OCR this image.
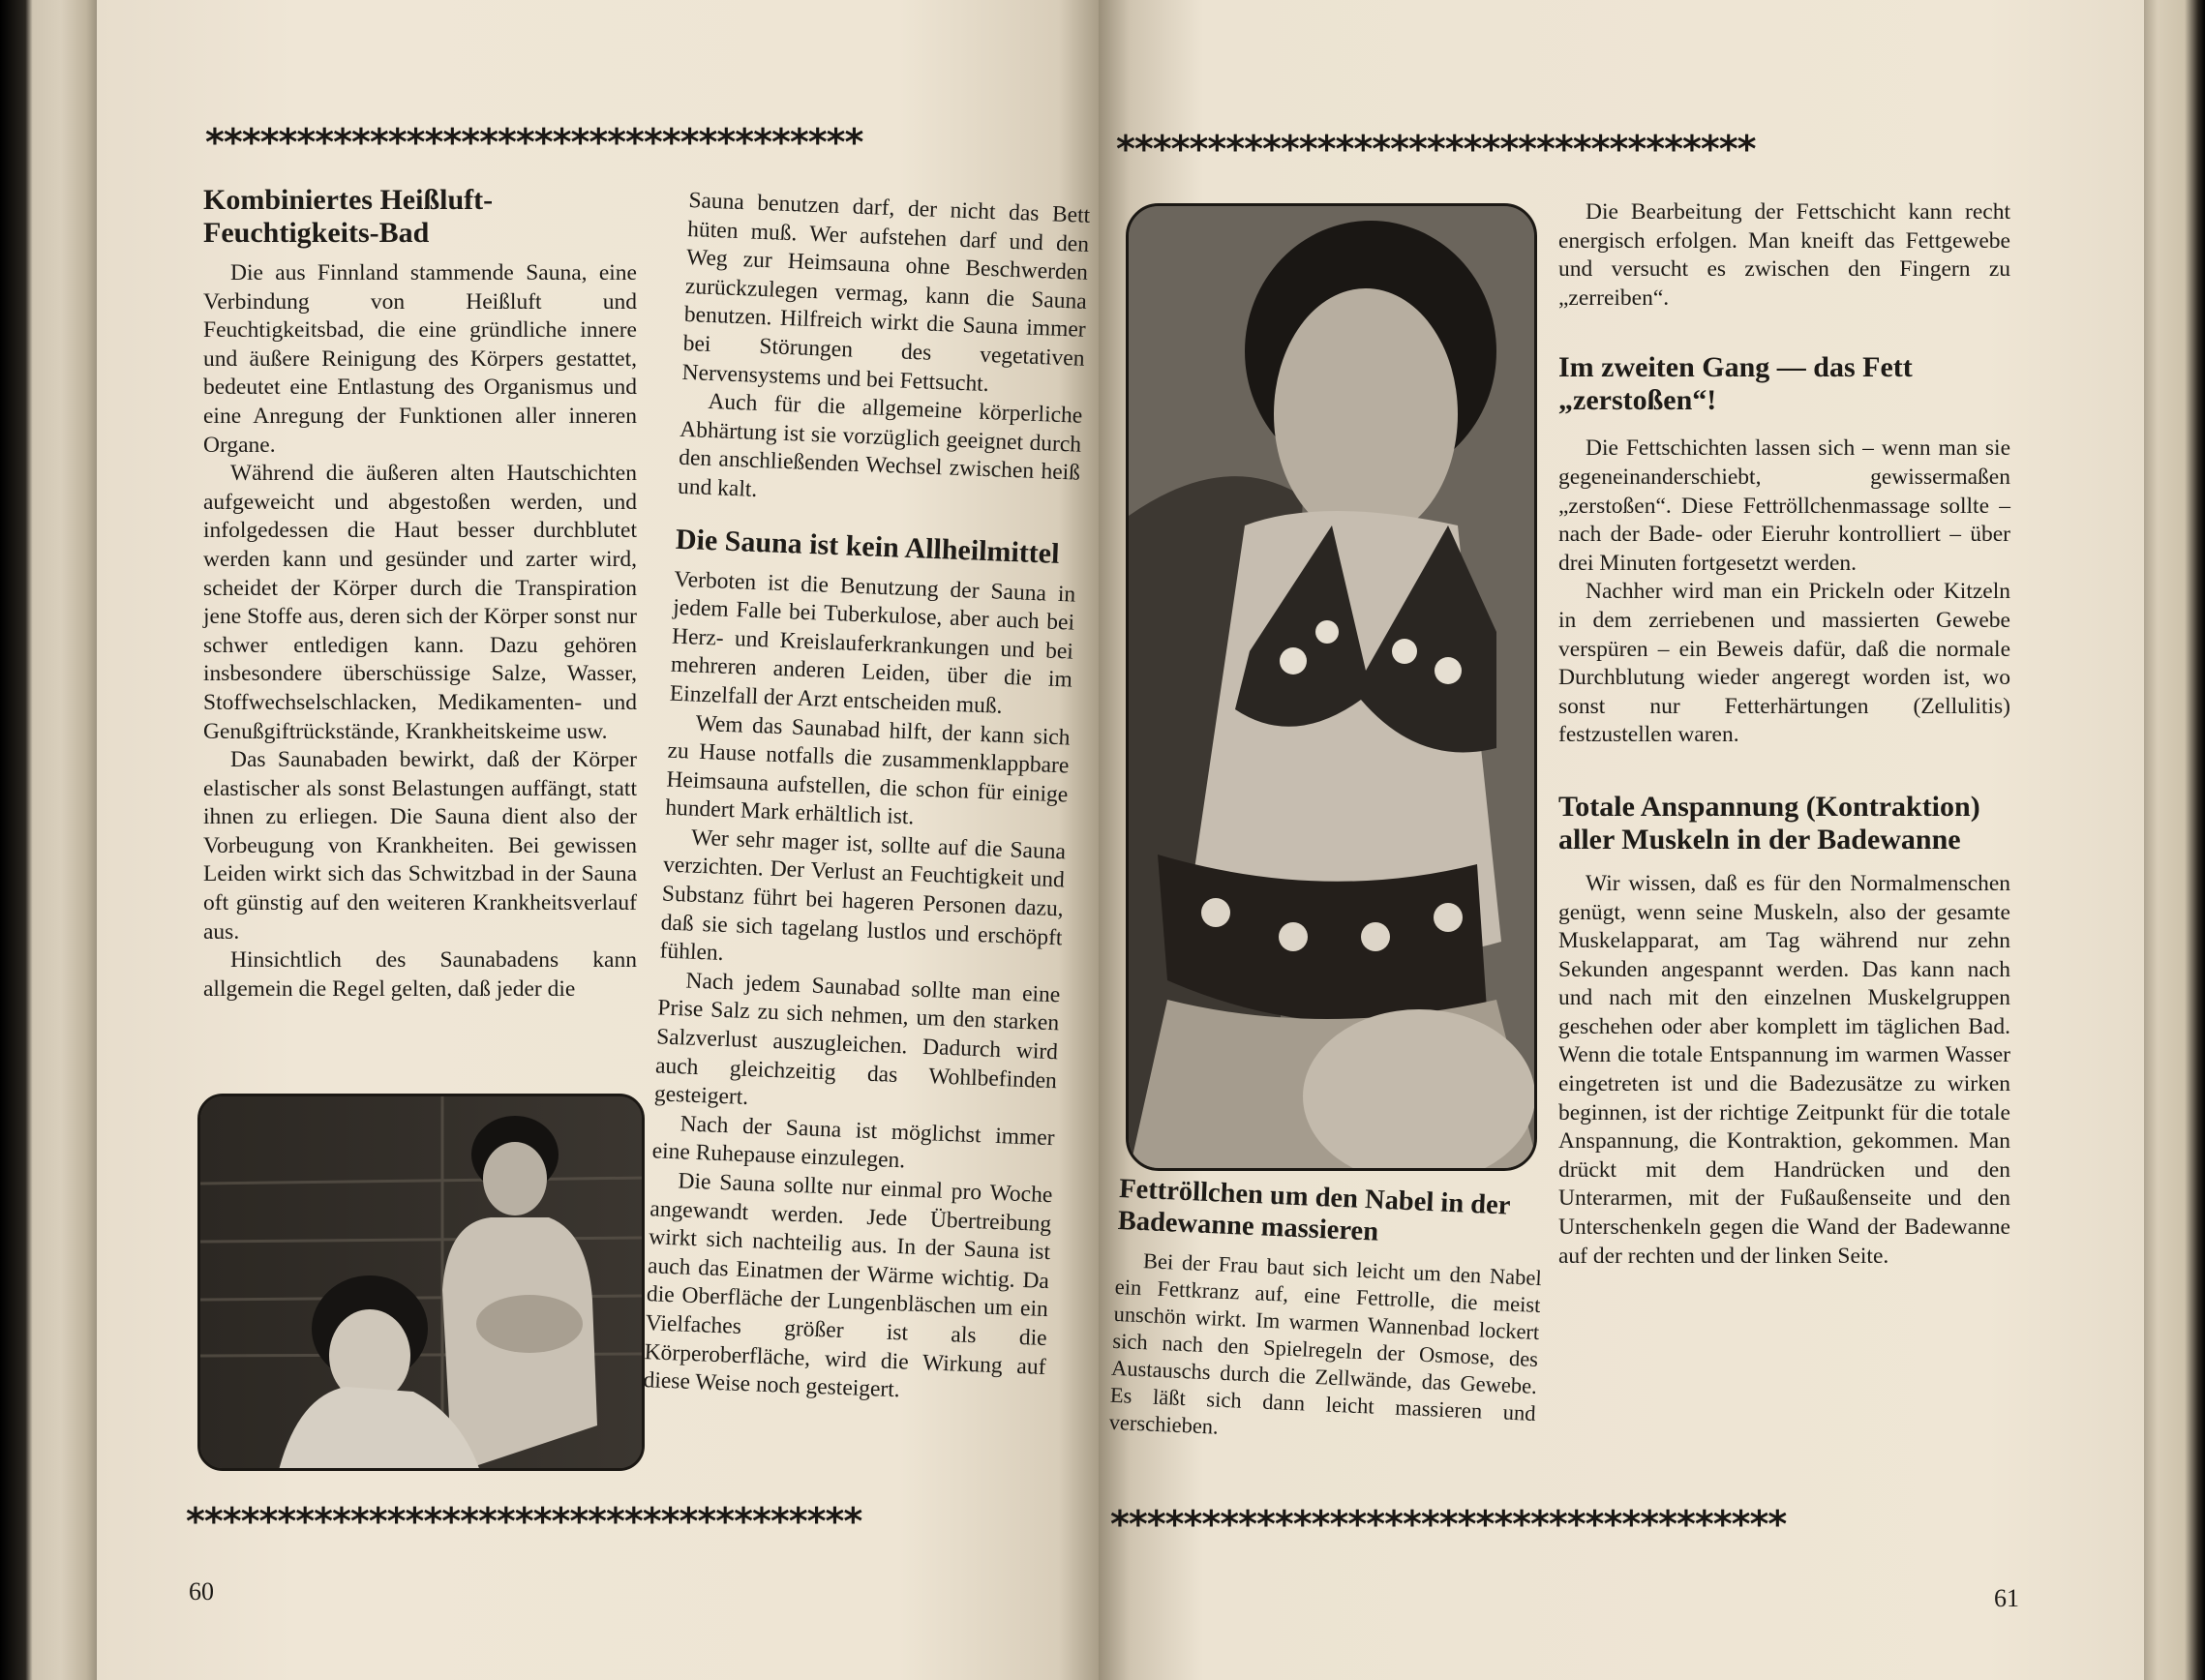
************************************
Kombiniertes Heißluft-Feuchtigkeits-Bad

Die aus Finnland stammende Sauna, eine Verbindung von Heißluft und Feuchtigkeitsbad, die eine gründliche innere und äußere Reinigung des Körpers gestattet, bedeutet eine Entlastung des Organismus und eine Anregung der Funktionen aller inneren Organe.

Während die äußeren alten Hautschichten aufgeweicht und abgestoßen werden, und infolgedessen die Haut besser durchblutet werden kann und gesünder und zarter wird, scheidet der Körper durch die Transpiration jene Stoffe aus, deren sich der Körper sonst nur schwer entledigen kann. Dazu gehören insbesondere überschüssige Salze, Wasser, Stoffwechselschlacken, Medikamenten- und Genußgiftrückstände, Krankheitskeime usw.

Das Saunabaden bewirkt, daß der Körper elastischer als sonst Belastungen auffängt, statt ihnen zu erliegen. Die Sauna dient also der Vorbeugung von Krankheiten. Bei gewissen Leiden wirkt sich das Schwitzbad in der Sauna oft günstig auf den weiteren Krankheitsverlauf aus.

Hinsichtlich des Saunabadens kann allgemein die Regel gelten, daß jeder die

Sauna benutzen darf, der nicht das Bett hüten muß. Wer aufstehen darf und den Weg zur Heimsauna ohne Beschwerden zurückzulegen vermag, kann die Sauna benutzen. Hilfreich wirkt die Sauna immer bei Störungen des vegetativen Nervensystems und bei Fettsucht.

Auch für die allgemeine körperliche Abhärtung ist sie vorzüglich geeignet durch den anschließenden Wechsel zwischen heiß und kalt.

Die Sauna ist kein Allheilmittel

Verboten ist die Benutzung der Sauna in jedem Falle bei Tuberkulose, aber auch bei Herz- und Kreislauferkrankungen und bei mehreren anderen Leiden, über die im Einzelfall der Arzt entscheiden muß.

Wem das Saunabad hilft, der kann sich zu Hause notfalls die zusammenklappbare Heimsauna aufstellen, die schon für einige hundert Mark erhältlich ist.

Wer sehr mager ist, sollte auf die Sauna verzichten. Der Verlust an Feuchtigkeit und Substanz führt bei hageren Personen dazu, daß sie sich tagelang lustlos und erschöpft fühlen.

Nach jedem Saunabad sollte man eine Prise Salz zu sich nehmen, um den starken Salzverlust auszugleichen. Dadurch wird auch gleichzeitig das Wohlbefinden gesteigert.

Nach der Sauna ist möglichst immer eine Ruhepause einzulegen.

Die Sauna sollte nur einmal pro Woche angewandt werden. Jede Übertreibung wirkt sich nachteilig aus. In der Sauna ist auch das Einatmen der Wärme wichtig. Da die Oberfläche der Lungenbläschen um ein Vielfaches größer ist als die Körperoberfläche, wird die Wirkung auf diese Weise noch gesteigert.

*************************************
60
***********************************
Fettröllchen um den Nabel in der Badewanne massieren

Bei der Frau baut sich leicht um den Nabel ein Fettkranz auf, eine Fettrolle, die meist unschön wirkt. Im warmen Wannenbad lockert sich nach den Spielregeln der Osmose, des Austauschs durch die Zellwände, das Gewebe. Es läßt sich dann leicht massieren und verschieben.

Die Bearbeitung der Fettschicht kann recht energisch erfolgen. Man kneift das Fettgewebe und versucht es zwischen den Fingern zu „zerreiben“.

Im zweiten Gang — das Fett „zerstoßen“!

Die Fettschichten lassen sich – wenn man sie gegeneinanderschiebt, gewissermaßen „zerstoßen“. Diese Fettröllchenmassage sollte – nach der Bade- oder Eieruhr kontrolliert – über drei Minuten fortgesetzt werden.

Nachher wird man ein Prickeln oder Kitzeln in dem zerriebenen und massierten Gewebe verspüren – ein Beweis dafür, daß die normale Durchblutung wieder angeregt worden ist, wo sonst nur Fetterhärtungen (Zellulitis) festzustellen waren.

Totale Anspannung (Kontraktion) aller Muskeln in der Badewanne

Wir wissen, daß es für den Normalmenschen genügt, wenn seine Muskeln, also der gesamte Muskelapparat, am Tag während nur zehn Sekunden angespannt werden. Das kann nach und nach mit den einzelnen Muskelgruppen geschehen oder aber komplett im täglichen Bad. Wenn die totale Entspannung im warmen Wasser eingetreten ist und die Badezusätze zu wirken beginnen, ist der richtige Zeitpunkt für die totale Anspannung, die Kontraktion, gekommen. Man drückt mit dem Handrücken und den Unterarmen, mit der Fußaußenseite und den Unterschenkeln gegen die Wand der Badewanne auf der rechten und der linken Seite.

*************************************
61
